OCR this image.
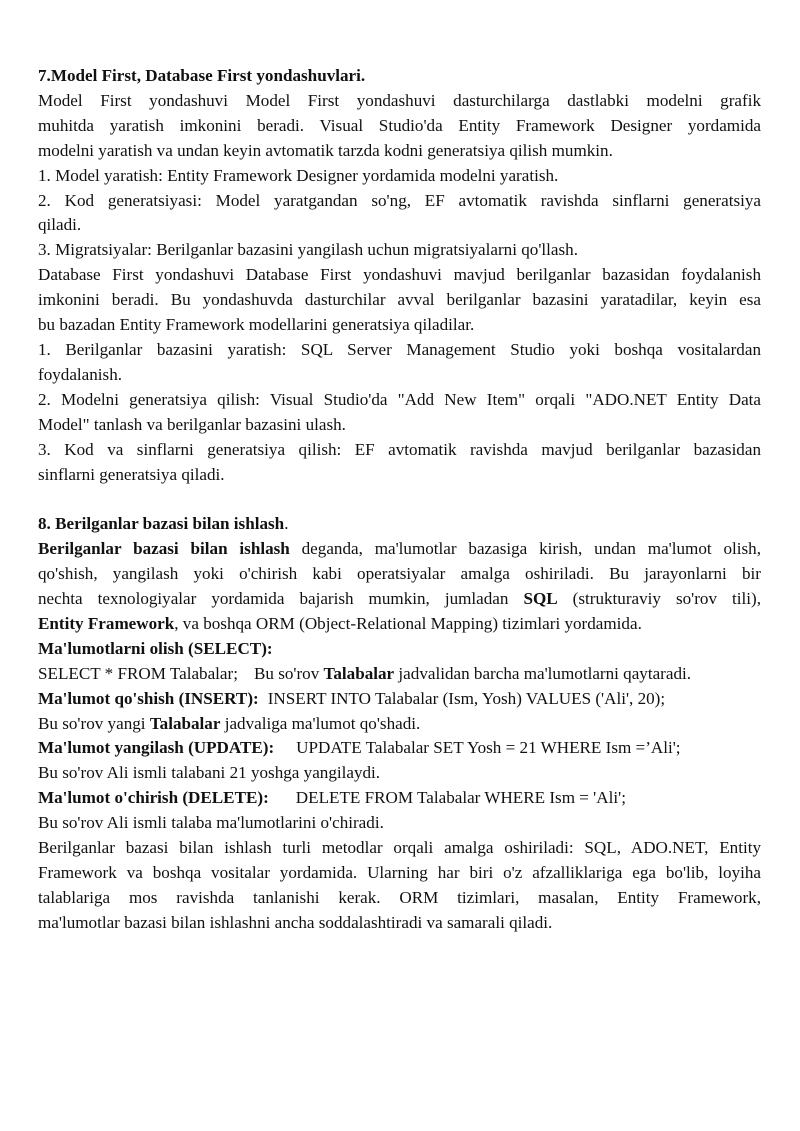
7.Model First, Database First yondashuvlari.
Model First yondashuvi Model First yondashuvi dasturchilarga dastlabki modelni grafik
muhitda yaratish imkonini beradi. Visual Studio'da Entity Framework Designer yordamida
modelni yaratish va undan keyin avtomatik tarzda kodni generatsiya qilish mumkin.
1. Model yaratish: Entity Framework Designer yordamida modelni yaratish.
2. Kod generatsiyasi: Model yaratgandan so'ng, EF avtomatik ravishda sinflarni generatsiya
qiladi.
3. Migratsiyalar: Berilganlar bazasini yangilash uchun migratsiyalarni qo'llash.
Database First yondashuvi Database First yondashuvi mavjud berilganlar bazasidan foydalanish
imkonini beradi. Bu yondashuvda dasturchilar avval berilganlar bazasini yaratadilar, keyin esa
bu bazadan Entity Framework modellarini generatsiya qiladilar.
1. Berilganlar bazasini yaratish: SQL Server Management Studio yoki boshqa vositalardan
foydalanish.
2. Modelni generatsiya qilish: Visual Studio'da "Add New Item" orqali "ADO.NET Entity Data
Model" tanlash va berilganlar bazasini ulash.
3. Kod va sinflarni generatsiya qilish: EF avtomatik ravishda mavjud berilganlar bazasidan
sinflarni generatsiya qiladi.
8. Berilganlar bazasi bilan ishlash.
Berilganlar bazasi bilan ishlash deganda, ma'lumotlar bazasiga kirish, undan ma'lumot olish,
qo'shish, yangilash yoki o'chirish kabi operatsiyalar amalga oshiriladi. Bu jarayonlarni bir
nechta texnologiyalar yordamida bajarish mumkin, jumladan SQL (strukturaviy so'rov tili),
Entity Framework, va boshqa ORM (Object-Relational Mapping) tizimlari yordamida.
Ma'lumotlarni olish (SELECT):
SELECT * FROM Talabalar; Bu so'rov Talabalar jadvalidan barcha ma'lumotlarni qaytaradi.
Ma'lumot qo'shish (INSERT): INSERT INTO Talabalar (Ism, Yosh) VALUES ('Ali', 20);
Bu so'rov yangi Talabalar jadvaliga ma'lumot qo'shadi.
Ma'lumot yangilash (UPDATE): UPDATE Talabalar SET Yosh = 21 WHERE Ism =’Ali';
Bu so'rov Ali ismli talabani 21 yoshga yangilaydi.
Ma'lumot o'chirish (DELETE): DELETE FROM Talabalar WHERE Ism = 'Ali';
Bu so'rov Ali ismli talaba ma'lumotlarini o'chiradi.
Berilganlar bazasi bilan ishlash turli metodlar orqali amalga oshiriladi: SQL, ADO.NET, Entity
Framework va boshqa vositalar yordamida. Ularning har biri o'z afzalliklariga ega bo'lib, loyiha
talablariga mos ravishda tanlanishi kerak. ORM tizimlari, masalan, Entity Framework,
ma'lumotlar bazasi bilan ishlashni ancha soddalashtiradi va samarali qiladi.
